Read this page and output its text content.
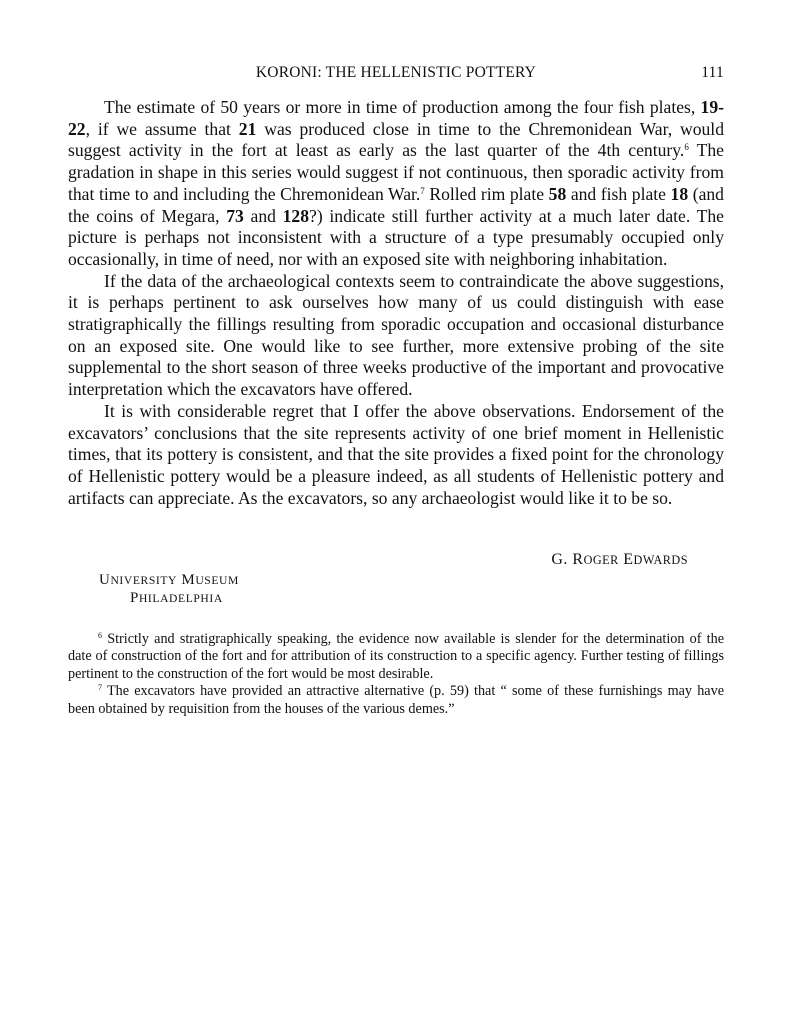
KORONI: THE HELLENISTIC POTTERY	111

The estimate of 50 years or more in time of production among the four fish plates, 19-22, if we assume that 21 was produced close in time to the Chremonidean War, would suggest activity in the fort at least as early as the last quarter of the 4th century.$^6$ The gradation in shape in this series would suggest if not continuous, then sporadic activity from that time to and including the Chremonidean War.$^7$ Rolled rim plate 58 and fish plate 18 (and the coins of Megara, 73 and 128?) indicate still further activity at a much later date. The picture is perhaps not inconsistent with a structure of a type presumably occupied only occasionally, in time of need, nor with an exposed site with neighboring inhabitation.

If the data of the archaeological contexts seem to contraindicate the above suggestions, it is perhaps pertinent to ask ourselves how many of us could distinguish with ease stratigraphically the fillings resulting from sporadic occupation and occasional disturbance on an exposed site. One would like to see further, more extensive probing of the site supplemental to the short season of three weeks productive of the important and provocative interpretation which the excavators have offered.

It is with considerable regret that I offer the above observations. Endorsement of the excavators’ conclusions that the site represents activity of one brief moment in Hellenistic times, that its pottery is consistent, and that the site provides a fixed point for the chronology of Hellenistic pottery would be a pleasure indeed, as all students of Hellenistic pottery and artifacts can appreciate. As the excavators, so any archaeologist would like it to be so.

G. ROGER EDWARDS
UNIVERSITY MUSEUM
PHILADELPHIA

$^6$ Strictly and stratigraphically speaking, the evidence now available is slender for the determination of the date of construction of the fort and for attribution of its construction to a specific agency. Further testing of fillings pertinent to the construction of the fort would be most desirable.

$^7$ The excavators have provided an attractive alternative (p. 59) that “ some of these furnishings may have been obtained by requisition from the houses of the various demes.”
